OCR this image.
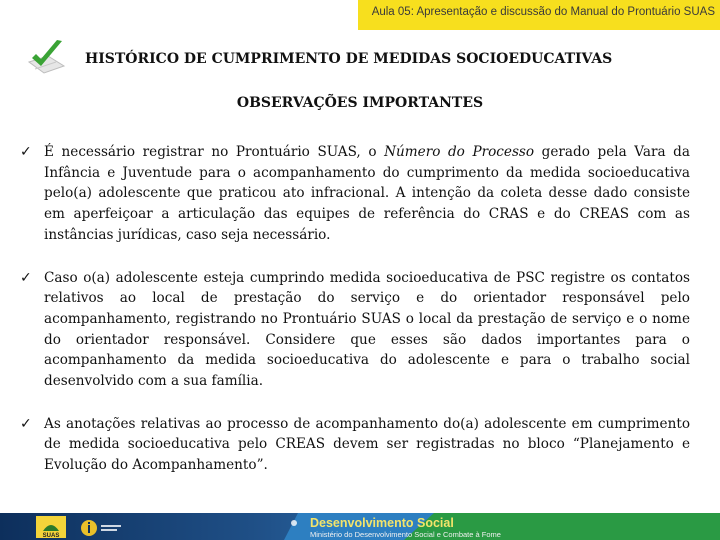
Aula 05: Apresentação e discussão do Manual do Prontuário SUAS
HISTÓRICO DE CUMPRIMENTO DE MEDIDAS SOCIOEDUCATIVAS
OBSERVAÇÕES IMPORTANTES
✓ É necessário registrar no Prontuário SUAS, o Número do Processo gerado pela Vara da Infância e Juventude para o acompanhamento do cumprimento da medida socioeducativa pelo(a) adolescente que praticou ato infracional. A intenção da coleta desse dado consiste em aperfeiçoar a articulação das equipes de referência do CRAS e do CREAS com as instâncias jurídicas, caso seja necessário.
✓ Caso o(a) adolescente esteja cumprindo medida socioeducativa de PSC registre os contatos relativos ao local de prestação do serviço e do orientador responsável pelo acompanhamento, registrando no Prontuário SUAS o local da prestação de serviço e o nome do orientador responsável. Considere que esses são dados importantes para o acompanhamento da medida socioeducativa do adolescente e para o trabalho social desenvolvido com a sua família.
✓ As anotações relativas ao processo de acompanhamento do(a) adolescente em cumprimento de medida socioeducativa pelo CREAS devem ser registradas no bloco “Planejamento e Evolução do Acompanhamento”.
SUAS
Desenvolvimento Social
Ministério do Desenvolvimento Social e Combate à Fome
